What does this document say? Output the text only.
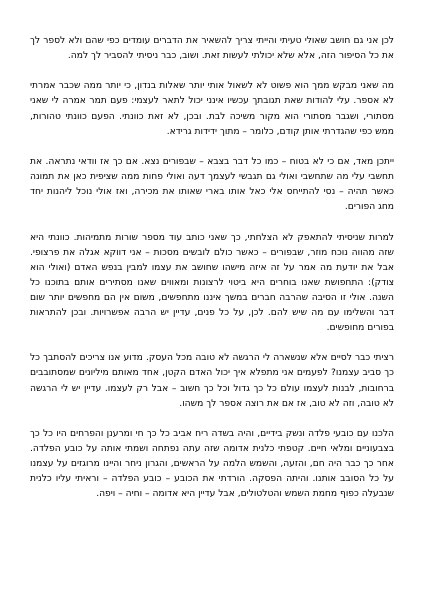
לכן אני גם חושב שאולי טעיתי והייתי צריך להשאיר את הדברים עומדים כפי שהם ולא לספר לך את כל הסיפור הזה, אלא שלא יכולתי לעשות זאת. ושוב, כבר ניסיתי להסביר לך למה.

מה שאני מבקש ממך הוא פשוט לא לשאול אותי יותר שאלות בנדון, כי יותר ממה שכבר אמרתי לא אספר. עלי להודות שאת תגובתך עכשיו אינני יכול לתאר לעצמי: פעם תמר אמרה לי שאני מסתורי, ושגבר מסתורי הוא מקור משיכה לבת. ובכן, לא זאת כוונתי. הפעם כוונתי טהורות, ממש כפי שהגדרתי אותן קודם, כלומר – מתוך ידידות גרידא.

ייתכן מאד, אם כי לא בטוח – כמו כל דבר בצבא – שבפורים נצא. אם כך אז וודאי נתראה. את תחשבי עלי מה שתחשבי ואולי גם תגבשי לעצמך דעה ואולי פחות ממה שציפית כאן את תמונה כאשר תהיה – נסי להתייחס אלי כאל אותו בארי שאותו את מכירה, ואז אולי נוכל ליהנות יחד מחג הפורים.

למרות שניסיתי להתאפק לא הצלחתי, כך שאני כותב עוד מספר שורות מתמיהות. כוונתי היא שזה מהווה נוכח מוזר, שבפורים – כאשר כולם לובשים מסכות – אני דווקא אגלה את פרצופי. אבל את יודעת מה אמר על זה איזה מישהו שחושב את עצמו למבין בנפש האדם (ואולי הוא צודק): התחפושת שאנו בוחרים היא ביטוי לרצונות ומאווים שאנו מסתירים אותם בתוכנו כל השנה. אולי זו הסיבה שהרבה חברים במשך איננו מתחפשים, משום אין הם מחפשים יותר שום דבר והשלימו עם מה שיש להם. לכן, על כל פנים, עדיין יש הרבה אפשרויות. ובכן להתראות בפורים מחופשים.

רציתי כבר לסיים אלא שנשארה לי הרגשה לא טובה מכל העסק. מדוע אנו צריכים להסתבך כל כך סביב עצמנו? לפעמים אני מתפלא איך יכול האדם הקטן, אחד מאותם מיליונים שמסתובבים ברחובות, לבנות לעצמו עולם כל כך גדול וכל כך חשוב – אבל רק לעצמו. עדיין יש לי הרגשה לא טובה, וזה לא טוב, אז אם את רוצה אספר לך משהו.

הלכנו עם כובעי פלדה ונשק בידיים, והיה בשדה ריח אביב כל כך חי ומרענן והפרחים היו כל כך בצבעוניים ומלאי חיים. קטפתי כלנית אדומה שזה עתה נפתחה ושמתי אותה על כובע הפלדה. אחר כך כבר היה חם, והזעה, והשמש הלמה על הראשים, והגרון ניחר והיינו מרוגזים על עצמנו על כל הסובב אותנו. והיתה הפסקה. הורדתי את הכובע – כובע הפלדה – וראיתי עליו כלנית שנבעלה כפוף מחמת השמש והטלטולים, אבל עדיין היא אדומה – וחיה – ויפה.
